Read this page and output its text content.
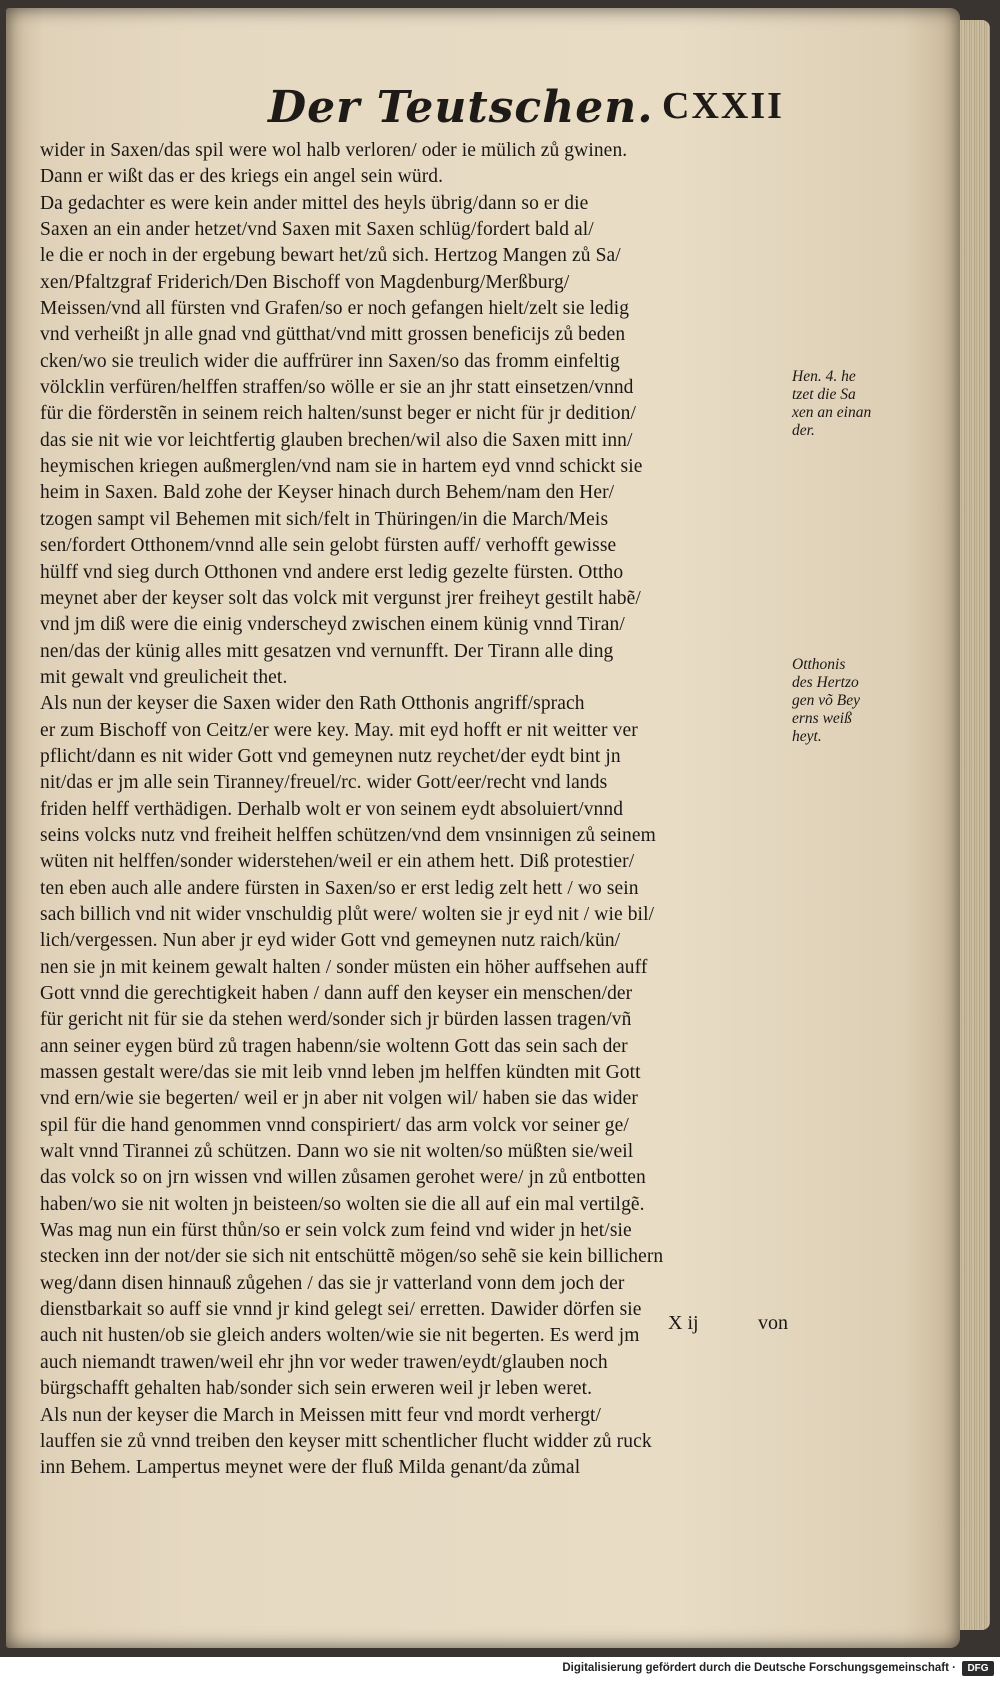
Der Teutschen. CXXII
wider in Saxen/das spil were wol halb verloren/ oder ie mülich zů gwinen.
Dann er wißt das er des kriegs ein angel sein würd.
Da gedachter es were kein ander mittel des heyls übrig/dann so er die
Saxen an ein ander hetzet/vnd Saxen mit Saxen schlüg/fordert bald al/
le die er noch in der ergebung bewart het/zů sich. Hertzog Mangen zů Sa/
xen/Pfaltzgraf Friderich/Den Bischoff von Magdenburg/Merßburg/
Meissen/vnd all fürsten vnd Grafen/so er noch gefangen hielt/zelt sie ledig
vnd verheißt jn alle gnad vnd gütthat/vnd mitt grossen beneficijs zů beden
cken/wo sie treulich wider die auffrürer inn Saxen/so das fromm einfeltig
völcklin verfüren/helffen straffen/so wölle er sie an jhr statt einsetzen/vnnd
für die förderstẽn in seinem reich halten/sunst beger er nicht für jr dedition/
das sie nit wie vor leichtfertig glauben brechen/wil also die Saxen mitt inn/
heymischen kriegen außmerglen/vnd nam sie in hartem eyd vnnd schickt sie
heim in Saxen. Bald zohe der Keyser hinach durch Behem/nam den Her/
tzogen sampt vil Behemen mit sich/felt in Thüringen/in die March/Meis
sen/fordert Otthonem/vnnd alle sein gelobt fürsten auff/ verhofft gewisse
hülff vnd sieg durch Otthonen vnd andere erst ledig gezelte fürsten. Ottho
meynet aber der keyser solt das volck mit vergunst jrer freiheyt gestilt habẽ/
vnd jm diß were die einig vnderscheyd zwischen einem künig vnnd Tiran/
nen/das der künig alles mitt gesatzen vnd vernunfft. Der Tirann alle ding
mit gewalt vnd greulicheit thet.
Als nun der keyser die Saxen wider den Rath Otthonis angriff/sprach
er zum Bischoff von Ceitz/er were key. May. mit eyd hofft er nit weitter ver
pflicht/dann es nit wider Gott vnd gemeynen nutz reychet/der eydt bint jn
nit/das er jm alle sein Tiranney/freuel/rc. wider Gott/eer/recht vnd lands
friden helff verthädigen. Derhalb wolt er von seinem eydt absoluiert/vnnd
seins volcks nutz vnd freiheit helffen schützen/vnd dem vnsinnigen zů seinem
wüten nit helffen/sonder widerstehen/weil er ein athem hett. Diß protestier/
ten eben auch alle andere fürsten in Saxen/so er erst ledig zelt hett / wo sein
sach billich vnd nit wider vnschuldig plůt were/ wolten sie jr eyd nit / wie bil/
lich/vergessen. Nun aber jr eyd wider Gott vnd gemeynen nutz raich/kün/
nen sie jn mit keinem gewalt halten / sonder müsten ein höher auffsehen auff
Gott vnnd die gerechtigkeit haben / dann auff den keyser ein menschen/der
für gericht nit für sie da stehen werd/sonder sich jr bürden lassen tragen/vñ
ann seiner eygen bürd zů tragen habenn/sie woltenn Gott das sein sach der
massen gestalt were/das sie mit leib vnnd leben jm helffen kündten mit Gott
vnd ern/wie sie begerten/ weil er jn aber nit volgen wil/ haben sie das wider
spil für die hand genommen vnnd conspiriert/ das arm volck vor seiner ge/
walt vnnd Tirannei zů schützen. Dann wo sie nit wolten/so müßten sie/weil
das volck so on jrn wissen vnd willen zůsamen gerohet were/ jn zů entbotten
haben/wo sie nit wolten jn beisteen/so wolten sie die all auf ein mal vertilgẽ.
Was mag nun ein fürst thůn/so er sein volck zum feind vnd wider jn het/sie
stecken inn der not/der sie sich nit entschüttẽ mögen/so sehẽ sie kein billichern
weg/dann disen hinnauß zůgehen / das sie jr vatterland vonn dem joch der
dienstbarkait so auff sie vnnd jr kind gelegt sei/ erretten. Dawider dörfen sie
auch nit husten/ob sie gleich anders wolten/wie sie nit begerten. Es werd jm
auch niemandt trawen/weil ehr jhn vor weder trawen/eydt/glauben noch
bürgschafft gehalten hab/sonder sich sein erweren weil jr leben weret.
Als nun der keyser die March in Meissen mitt feur vnd mordt verhergt/
lauffen sie zů vnnd treiben den keyser mitt schentlicher flucht widder zů ruck
inn Behem. Lampertus meynet were der fluß Milda genant/da zůmal
Hen. 4. he
tzet die Sa
xen an einan
der.
Otthonis
des Hertzo
gen võ Bey
erns weiß
heyt.
X ij	von
Digitalisierung gefördert durch die Deutsche Forschungsgemeinschaft ·	DFG
